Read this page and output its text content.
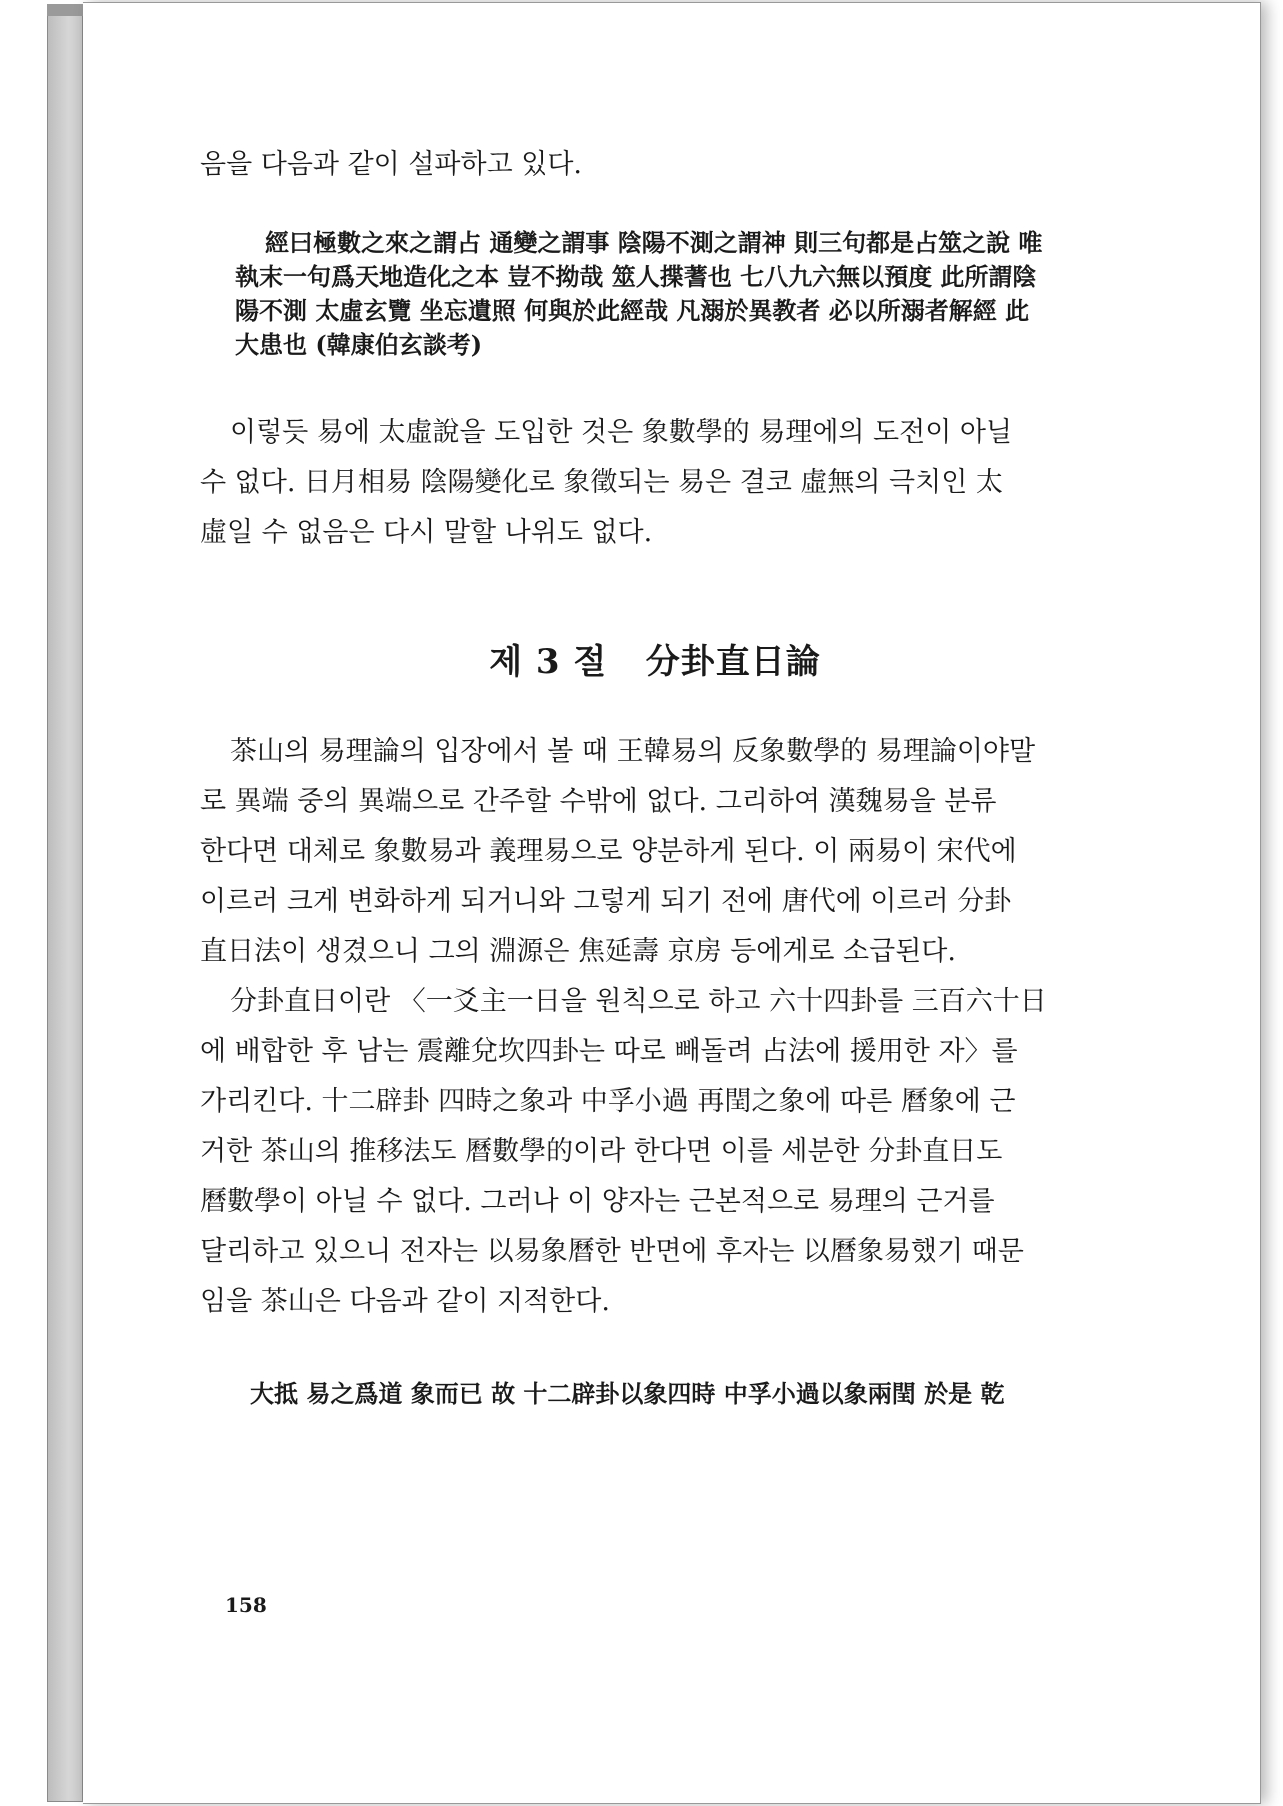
음을 다음과 같이 설파하고 있다.

經曰極數之來之謂占 通變之謂事 陰陽不測之謂神 則三句都是占筮之說 唯
執末一句爲天地造化之本 豈不拗哉 筮人揲蓍也 七八九六無以預度 此所謂陰
陽不測 太虛玄覽 坐忘遺照 何與於此經哉 凡溺於異教者 必以所溺者解經 此
大患也 (韓康伯玄談考)

이렇듯 易에 太虛說을 도입한 것은 象數學的 易理에의 도전이 아닐
수 없다. 日月相易 陰陽變化로 象徵되는 易은 결코 虛無의 극치인 太
虛일 수 없음은 다시 말할 나위도 없다.

제 3 절   分卦直日論

茶山의 易理論의 입장에서 볼 때 王韓易의 反象數學的 易理論이야말
로 異端 중의 異端으로 간주할 수밖에 없다. 그리하여 漢魏易을 분류
한다면 대체로 象數易과 義理易으로 양분하게 된다. 이 兩易이 宋代에
이르러 크게 변화하게 되거니와 그렇게 되기 전에 唐代에 이르러 分卦
直日法이 생겼으니 그의 淵源은 焦延壽 京房 등에게로 소급된다.

分卦直日이란 〈一爻主一日을 원칙으로 하고 六十四卦를 三百六十日
에 배합한 후 남는 震離兌坎四卦는 따로 빼돌려 占法에 援用한 자〉를
가리킨다. 十二辟卦 四時之象과 中孚小過 再閏之象에 따른 曆象에 근
거한 茶山의 推移法도 曆數學的이라 한다면 이를 세분한 分卦直日도
曆數學이 아닐 수 없다. 그러나 이 양자는 근본적으로 易理의 근거를
달리하고 있으니 전자는 以易象曆한 반면에 후자는 以曆象易했기 때문
임을 茶山은 다음과 같이 지적한다.

大抵 易之爲道 象而已 故 十二辟卦以象四時 中孚小過以象兩閏 於是 乾
158
